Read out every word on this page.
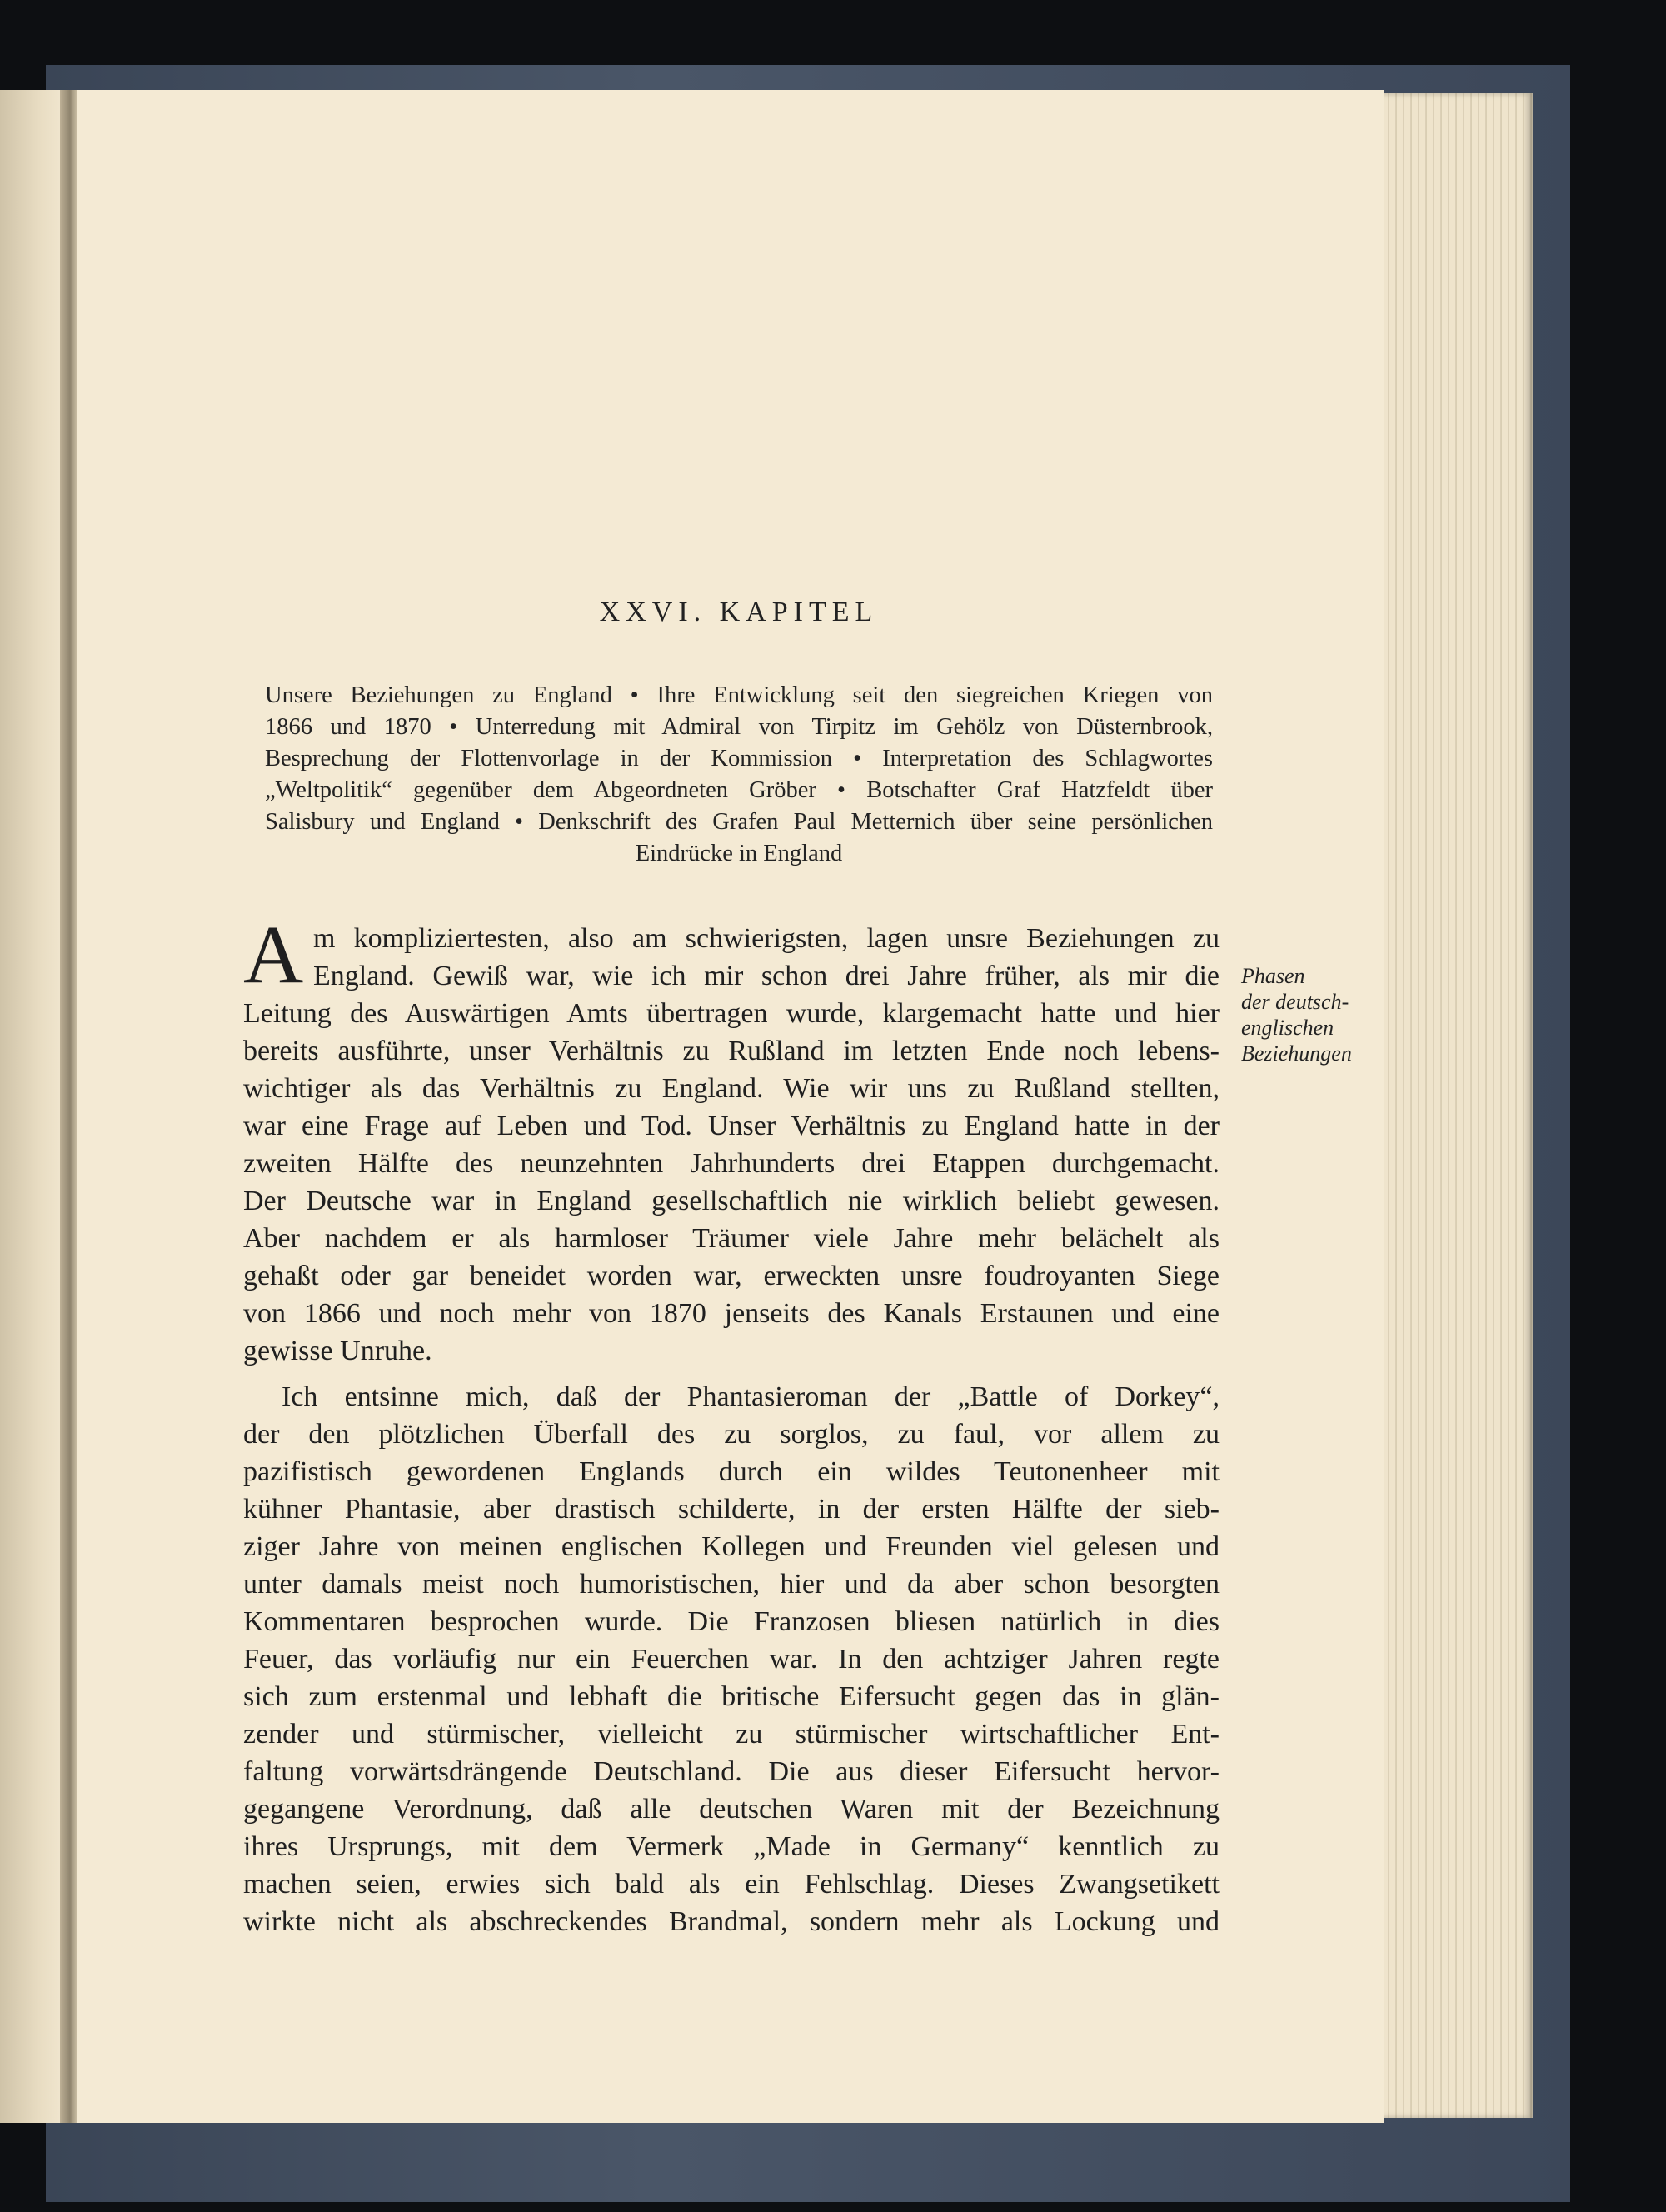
XXVI. KAPITEL
Unsere Beziehungen zu England • Ihre Entwicklung seit den siegreichen Kriegen von
1866 und 1870 • Unterredung mit Admiral von Tirpitz im Gehölz von Düsternbrook,
Besprechung der Flottenvorlage in der Kommission • Interpretation des Schlagwortes
„Weltpolitik“ gegenüber dem Abgeordneten Gröber • Botschafter Graf Hatzfeldt über
Salisbury und England • Denkschrift des Grafen Paul Metternich über seine persönlichen
Eindrücke in England
A m kompliziertesten, also am schwierigsten, lagen unsre Beziehungen zu
England. Gewiß war, wie ich mir schon drei Jahre früher, als mir die
Leitung des Auswärtigen Amts übertragen wurde, klargemacht hatte und hier
bereits ausführte, unser Verhältnis zu Rußland im letzten Ende noch lebens-
wichtiger als das Verhältnis zu England. Wie wir uns zu Rußland stellten,
war eine Frage auf Leben und Tod. Unser Verhältnis zu England hatte in der
zweiten Hälfte des neunzehnten Jahrhunderts drei Etappen durchgemacht.
Der Deutsche war in England gesellschaftlich nie wirklich beliebt gewesen.
Aber nachdem er als harmloser Träumer viele Jahre mehr belächelt als
gehaßt oder gar beneidet worden war, erweckten unsre foudroyanten Siege
von 1866 und noch mehr von 1870 jenseits des Kanals Erstaunen und eine
gewisse Unruhe.
Ich entsinne mich, daß der Phantasieroman der „Battle of Dorkey“,
der den plötzlichen Überfall des zu sorglos, zu faul, vor allem zu
pazifistisch gewordenen Englands durch ein wildes Teutonenheer mit
kühner Phantasie, aber drastisch schilderte, in der ersten Hälfte der sieb-
ziger Jahre von meinen englischen Kollegen und Freunden viel gelesen und
unter damals meist noch humoristischen, hier und da aber schon besorgten
Kommentaren besprochen wurde. Die Franzosen bliesen natürlich in dies
Feuer, das vorläufig nur ein Feuerchen war. In den achtziger Jahren regte
sich zum erstenmal und lebhaft die britische Eifersucht gegen das in glän-
zender und stürmischer, vielleicht zu stürmischer wirtschaftlicher Ent-
faltung vorwärtsdrängende Deutschland. Die aus dieser Eifersucht hervor-
gegangene Verordnung, daß alle deutschen Waren mit der Bezeichnung
ihres Ursprungs, mit dem Vermerk „Made in Germany“ kenntlich zu
machen seien, erwies sich bald als ein Fehlschlag. Dieses Zwangsetikett
wirkte nicht als abschreckendes Brandmal, sondern mehr als Lockung und
Phasen
der deutsch-
englischen
Beziehungen
